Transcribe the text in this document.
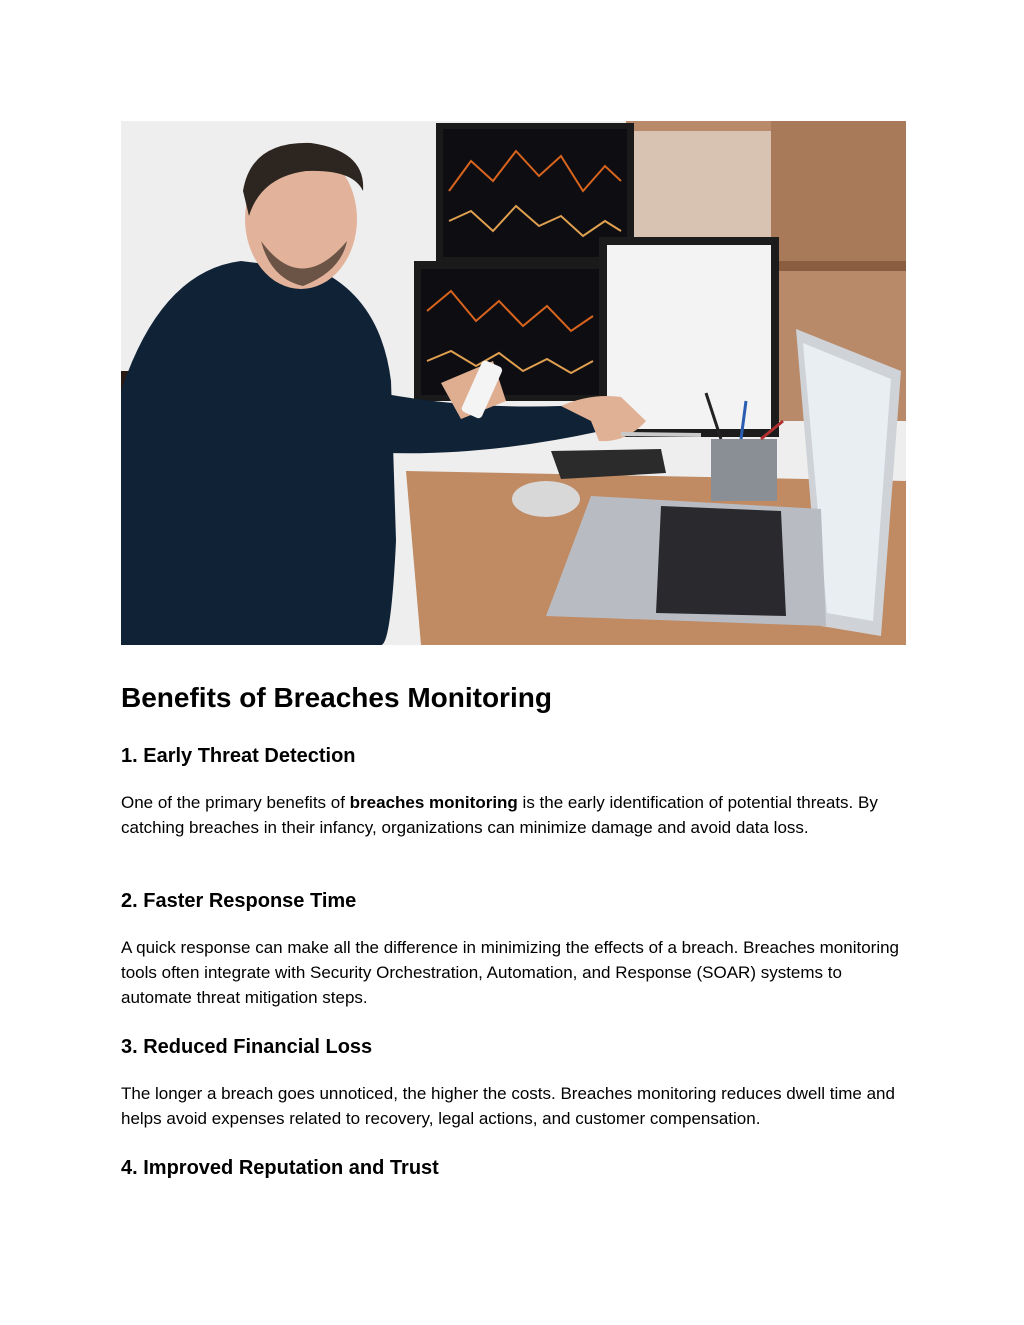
Benefits of Breaches Monitoring
1. Early Threat Detection

One of the primary benefits of breaches monitoring is the early identification of potential threats. By catching breaches in their infancy, organizations can minimize damage and avoid data loss.

2. Faster Response Time

A quick response can make all the difference in minimizing the effects of a breach. Breaches monitoring tools often integrate with Security Orchestration, Automation, and Response (SOAR) systems to automate threat mitigation steps.

3. Reduced Financial Loss

The longer a breach goes unnoticed, the higher the costs. Breaches monitoring reduces dwell time and helps avoid expenses related to recovery, legal actions, and customer compensation.

4. Improved Reputation and Trust
